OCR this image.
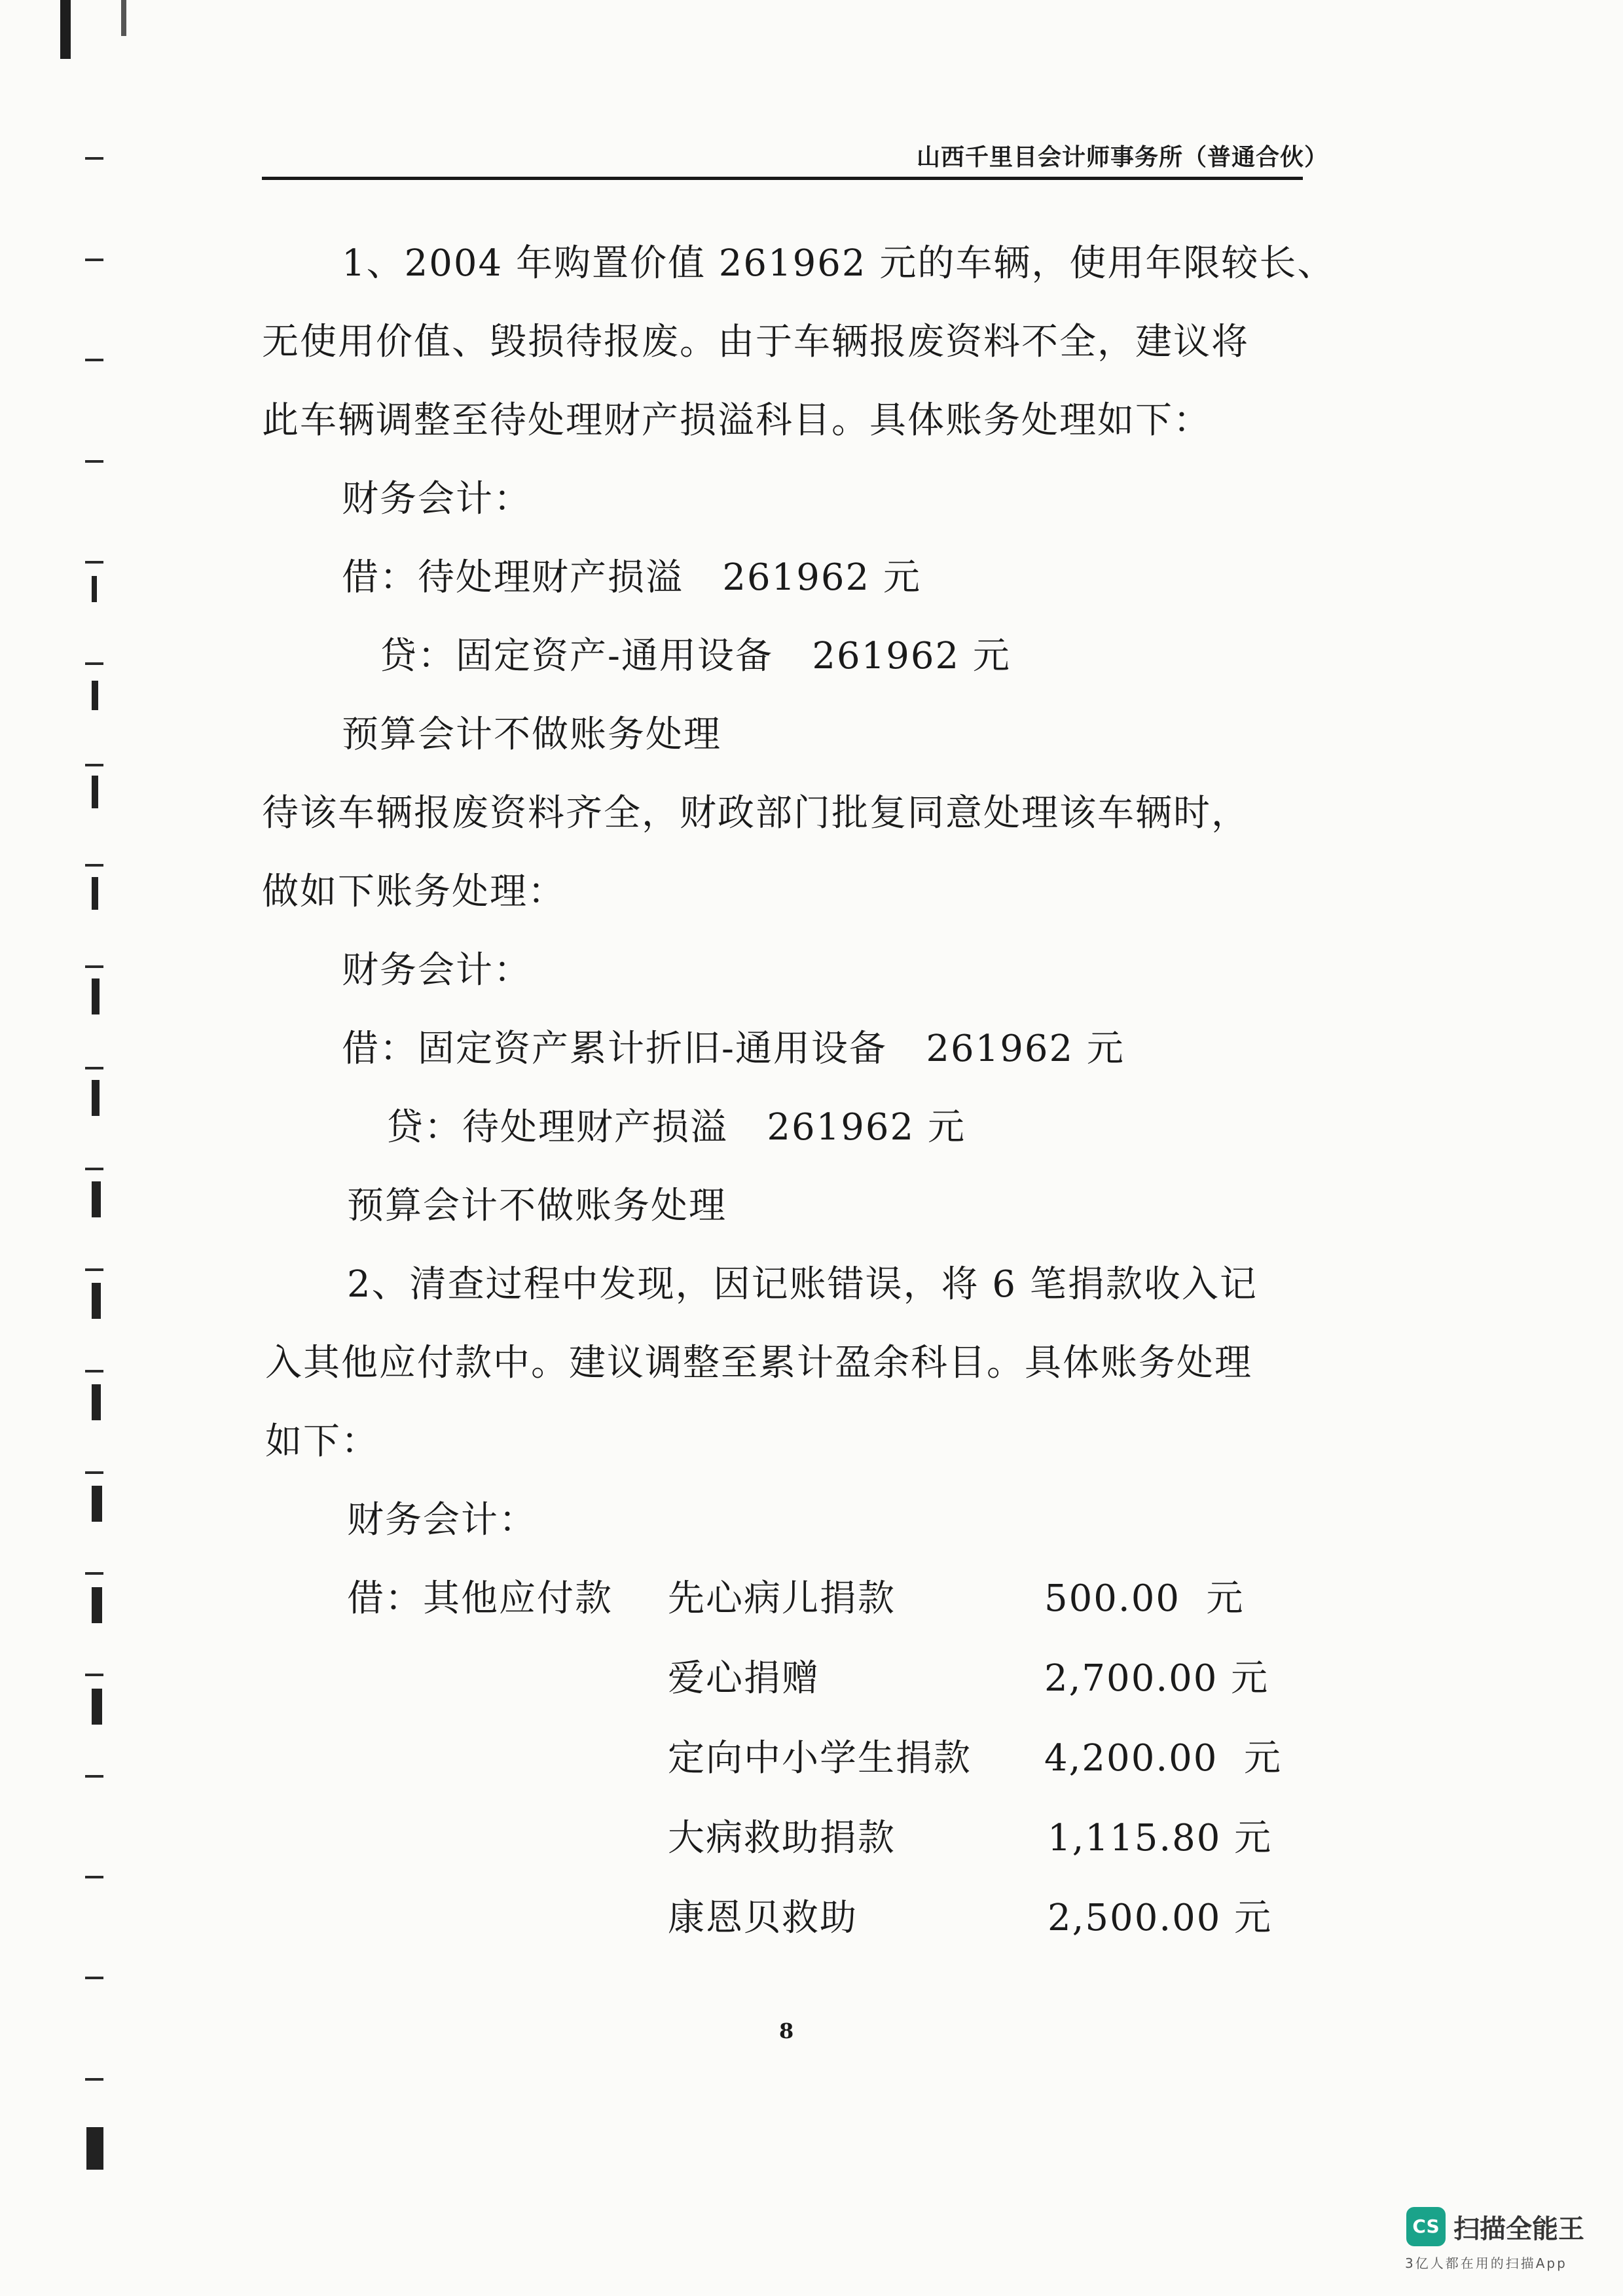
山西千里目会计师事务所（普通合伙）
1、2004 年购置价值 261962 元的车辆，使用年限较长、
无使用价值、毁损待报废。由于车辆报废资料不全，建议将
此车辆调整至待处理财产损溢科目。具体账务处理如下：
财务会计：
借：待处理财产损溢   261962 元
贷：固定资产-通用设备   261962 元
预算会计不做账务处理
待该车辆报废资料齐全，财政部门批复同意处理该车辆时，
做如下账务处理：
财务会计：
借：固定资产累计折旧-通用设备   261962 元
贷：待处理财产损溢   261962 元
预算会计不做账务处理
2、清查过程中发现，因记账错误，将 6 笔捐款收入记
入其他应付款中。建议调整至累计盈余科目。具体账务处理
如下：
财务会计：
借：其他应付款 先心病儿捐款	500.00  元
爱心捐赠	2,700.00 元
定向中小学生捐款 4,200.00  元
大病救助捐款	1,115.80 元
康恩贝救助	2,500.00 元
8
CS 扫描全能王
3亿人都在用的扫描App
